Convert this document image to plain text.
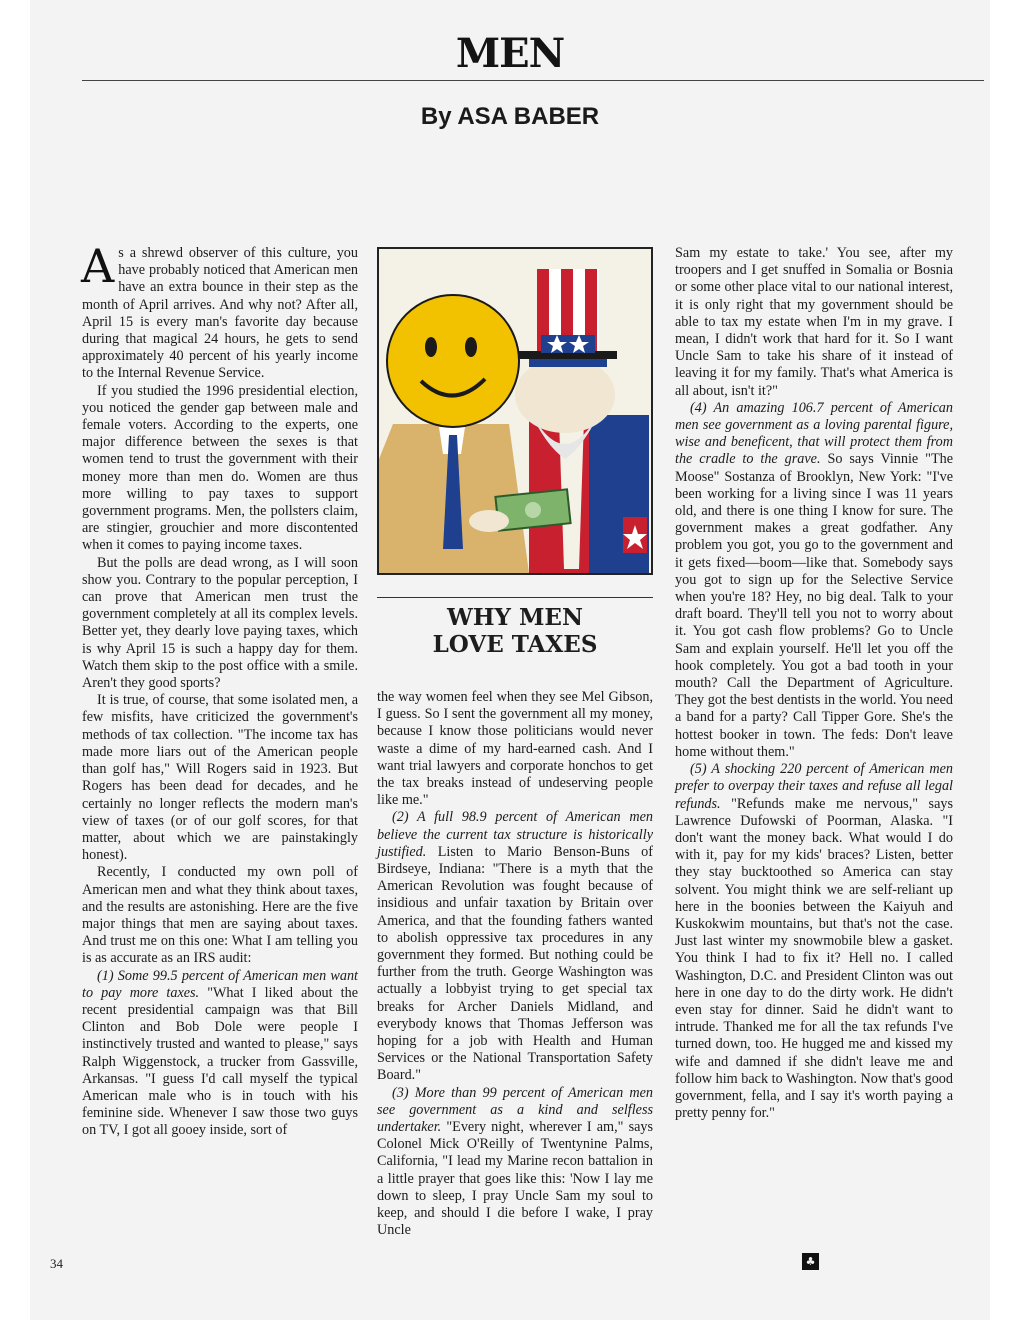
MEN
By ASA BABER

As a shrewd observer of this culture, you have probably noticed that American men have an extra bounce in their step as the month of April arrives. And why not? After all, April 15 is every man's favorite day because during that magical 24 hours, he gets to send approximately 40 percent of his yearly income to the Internal Revenue Service.

If you studied the 1996 presidential election, you noticed the gender gap between male and female voters. According to the experts, one major difference between the sexes is that women tend to trust the government with their money more than men do. Women are thus more willing to pay taxes to support government programs. Men, the pollsters claim, are stingier, grouchier and more discontented when it comes to paying income taxes.

But the polls are dead wrong, as I will soon show you. Contrary to the popular perception, I can prove that American men trust the government completely at all its complex levels. Better yet, they dearly love paying taxes, which is why April 15 is such a happy day for them. Watch them skip to the post office with a smile. Aren't they good sports?

It is true, of course, that some isolated men, a few misfits, have criticized the government's methods of tax collection. "The income tax has made more liars out of the American people than golf has," Will Rogers said in 1923. But Rogers has been dead for decades, and he certainly no longer reflects the modern man's view of taxes (or of our golf scores, for that matter, about which we are painstakingly honest).

Recently, I conducted my own poll of American men and what they think about taxes, and the results are astonishing. Here are the five major things that men are saying about taxes. And trust me on this one: What I am telling you is as accurate as an IRS audit:

(1) Some 99.5 percent of American men want to pay more taxes. "What I liked about the recent presidential campaign was that Bill Clinton and Bob Dole were people I instinctively trusted and wanted to please," says Ralph Wiggenstock, a trucker from Gassville, Arkansas. "I guess I'd call myself the typical American male who is in touch with his feminine side. Whenever I saw those two guys on TV, I got all gooey inside, sort of

WHY MEN
LOVE TAXES

the way women feel when they see Mel Gibson, I guess. So I sent the government all my money, because I know those politicians would never waste a dime of my hard-earned cash. And I want trial lawyers and corporate honchos to get the tax breaks instead of undeserving people like me."

(2) A full 98.9 percent of American men believe the current tax structure is historically justified. Listen to Mario Benson-Buns of Birdseye, Indiana: "There is a myth that the American Revolution was fought because of insidious and unfair taxation by Britain over America, and that the founding fathers wanted to abolish oppressive tax procedures in any government they formed. But nothing could be further from the truth. George Washington was actually a lobbyist trying to get special tax breaks for Archer Daniels Midland, and everybody knows that Thomas Jefferson was hoping for a job with Health and Human Services or the National Transportation Safety Board."

(3) More than 99 percent of American men see government as a kind and selfless undertaker. "Every night, wherever I am," says Colonel Mick O'Reilly of Twentynine Palms, California, "I lead my Marine recon battalion in a little prayer that goes like this: 'Now I lay me down to sleep, I pray Uncle Sam my soul to keep, and should I die before I wake, I pray Uncle

Sam my estate to take.' You see, after my troopers and I get snuffed in Somalia or Bosnia or some other place vital to our national interest, it is only right that my government should be able to tax my estate when I'm in my grave. I mean, I didn't work that hard for it. So I want Uncle Sam to take his share of it instead of leaving it for my family. That's what America is all about, isn't it?"

(4) An amazing 106.7 percent of American men see government as a loving parental figure, wise and beneficent, that will protect them from the cradle to the grave. So says Vinnie "The Moose" Sostanza of Brooklyn, New York: "I've been working for a living since I was 11 years old, and there is one thing I know for sure. The government makes a great godfather. Any problem you got, you go to the government and it gets fixed—boom—like that. Somebody says you got to sign up for the Selective Service when you're 18? Hey, no big deal. Talk to your draft board. They'll tell you not to worry about it. You got cash flow problems? Go to Uncle Sam and explain yourself. He'll let you off the hook completely. You got a bad tooth in your mouth? Call the Department of Agriculture. They got the best dentists in the world. You need a band for a party? Call Tipper Gore. She's the hottest booker in town. The feds: Don't leave home without them."

(5) A shocking 220 percent of American men prefer to overpay their taxes and refuse all legal refunds. "Refunds make me nervous," says Lawrence Dufowski of Poorman, Alaska. "I don't want the money back. What would I do with it, pay for my kids' braces? Listen, better they stay bucktoothed so America can stay solvent. You might think we are self-reliant up here in the boonies between the Kaiyuh and Kuskokwim mountains, but that's not the case. Just last winter my snowmobile blew a gasket. You think I had to fix it? Hell no. I called Washington, D.C. and President Clinton was out here in one day to do the dirty work. He didn't even stay for dinner. Said he didn't want to intrude. Thanked me for all the tax refunds I've turned down, too. He hugged me and kissed my wife and damned if she didn't leave me and follow him back to Washington. Now that's good government, fella, and I say it's worth paying a pretty penny for."

34	♣
